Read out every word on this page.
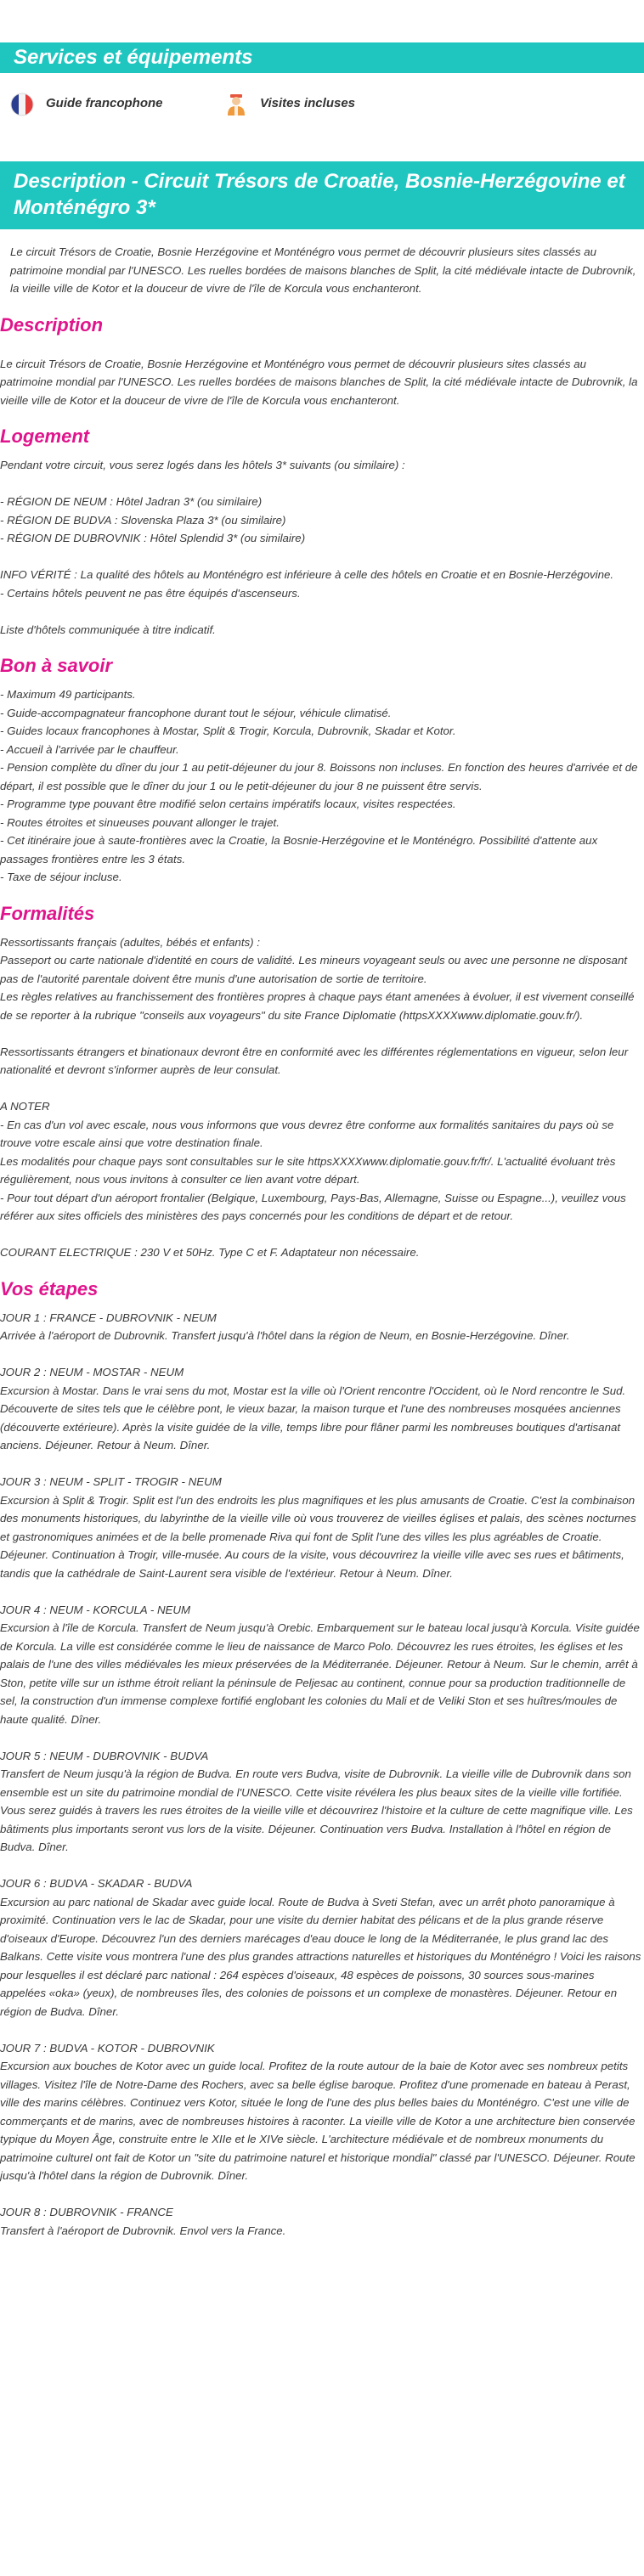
Services et équipements
Guide francophone	Visites incluses
Description - Circuit Trésors de Croatie, Bosnie-Herzégovine et Monténégro 3*

Le circuit Trésors de Croatie, Bosnie Herzégovine et Monténégro vous permet de découvrir plusieurs sites classés au patrimoine mondial par l'UNESCO. Les ruelles bordées de maisons blanches de Split, la cité médiévale intacte de Dubrovnik, la vieille ville de Kotor et la douceur de vivre de l'île de Korcula vous enchanteront.

Description

Le circuit Trésors de Croatie, Bosnie Herzégovine et Monténégro vous permet de découvrir plusieurs sites classés au patrimoine mondial par l'UNESCO. Les ruelles bordées de maisons blanches de Split, la cité médiévale intacte de Dubrovnik, la vieille ville de Kotor et la douceur de vivre de l'île de Korcula vous enchanteront.

Logement

Pendant votre circuit, vous serez logés dans les hôtels 3* suivants (ou similaire) :

- RÉGION DE NEUM : Hôtel Jadran 3* (ou similaire)

- RÉGION DE BUDVA : Slovenska Plaza 3* (ou similaire)

- RÉGION DE DUBROVNIK : Hôtel Splendid 3* (ou similaire)

INFO VÉRITÉ : La qualité des hôtels au Monténégro est inférieure à celle des hôtels en Croatie et en Bosnie-Herzégovine.

- Certains hôtels peuvent ne pas être équipés d'ascenseurs.

Liste d'hôtels communiquée à titre indicatif.

Bon à savoir

- Maximum 49 participants.

- Guide-accompagnateur francophone durant tout le séjour, véhicule climatisé.

- Guides locaux francophones à Mostar, Split & Trogir, Korcula, Dubrovnik, Skadar et Kotor.

- Accueil à l'arrivée par le chauffeur.

- Pension complète du dîner du jour 1 au petit-déjeuner du jour 8. Boissons non incluses. En fonction des heures d'arrivée et de départ, il est possible que le dîner du jour 1 ou le petit-déjeuner du jour 8 ne puissent être servis.

- Programme type pouvant être modifié selon certains impératifs locaux, visites respectées.

- Routes étroites et sinueuses pouvant allonger le trajet.

- Cet itinéraire joue à saute-frontières avec la Croatie, la Bosnie-Herzégovine et le Monténégro. Possibilité d'attente aux passages frontières entre les 3 états.

- Taxe de séjour incluse.

Formalités

Ressortissants français (adultes, bébés et enfants) :

Passeport ou carte nationale d'identité en cours de validité. Les mineurs voyageant seuls ou avec une personne ne disposant pas de l'autorité parentale doivent être munis d'une autorisation de sortie de territoire.

Les règles relatives au franchissement des frontières propres à chaque pays étant amenées à évoluer, il est vivement conseillé de se reporter à la rubrique "conseils aux voyageurs" du site France Diplomatie (httpsXXXXwww.diplomatie.gouv.fr/).

Ressortissants étrangers et binationaux devront être en conformité avec les différentes réglementations en vigueur, selon leur nationalité et devront s'informer auprès de leur consulat.

A NOTER

- En cas d'un vol avec escale, nous vous informons que vous devrez être conforme aux formalités sanitaires du pays où se trouve votre escale ainsi que votre destination finale.

Les modalités pour chaque pays sont consultables sur le site httpsXXXXwww.diplomatie.gouv.fr/fr/. L'actualité évoluant très régulièrement, nous vous invitons à consulter ce lien avant votre départ.

- Pour tout départ d'un aéroport frontalier (Belgique, Luxembourg, Pays-Bas, Allemagne, Suisse ou Espagne...), veuillez vous référer aux sites officiels des ministères des pays concernés pour les conditions de départ et de retour.

COURANT ELECTRIQUE : 230 V et 50Hz. Type C et F. Adaptateur non nécessaire.

Vos étapes

JOUR 1 : FRANCE - DUBROVNIK - NEUM

Arrivée à l'aéroport de Dubrovnik. Transfert jusqu'à l'hôtel dans la région de Neum, en Bosnie-Herzégovine. Dîner.

JOUR 2 : NEUM - MOSTAR - NEUM

Excursion à Mostar. Dans le vrai sens du mot, Mostar est la ville où l'Orient rencontre l'Occident, où le Nord rencontre le Sud. Découverte de sites tels que le célèbre pont, le vieux bazar, la maison turque et l'une des nombreuses mosquées anciennes (découverte extérieure). Après la visite guidée de la ville, temps libre pour flâner parmi les nombreuses boutiques d'artisanat anciens. Déjeuner. Retour à Neum. Dîner.

JOUR 3 : NEUM - SPLIT - TROGIR - NEUM

Excursion à Split & Trogir. Split est l'un des endroits les plus magnifiques et les plus amusants de Croatie. C'est la combinaison des monuments historiques, du labyrinthe de la vieille ville où vous trouverez de vieilles églises et palais, des scènes nocturnes et gastronomiques animées et de la belle promenade Riva qui font de Split l'une des villes les plus agréables de Croatie. Déjeuner. Continuation à Trogir, ville-musée. Au cours de la visite, vous découvrirez la vieille ville avec ses rues et bâtiments, tandis que la cathédrale de Saint-Laurent sera visible de l'extérieur. Retour à Neum. Dîner.

JOUR 4 : NEUM - KORCULA - NEUM

Excursion à l'île de Korcula. Transfert de Neum jusqu'à Orebic. Embarquement sur le bateau local jusqu'à Korcula. Visite guidée de Korcula. La ville est considérée comme le lieu de naissance de Marco Polo. Découvrez les rues étroites, les églises et les palais de l'une des villes médiévales les mieux préservées de la Méditerranée. Déjeuner. Retour à Neum. Sur le chemin, arrêt à Ston, petite ville sur un isthme étroit reliant la péninsule de Peljesac au continent, connue pour sa production traditionnelle de sel, la construction d'un immense complexe fortifié englobant les colonies du Mali et de Veliki Ston et ses huîtres/moules de haute qualité. Dîner.

JOUR 5 : NEUM - DUBROVNIK - BUDVA

Transfert de Neum jusqu'à la région de Budva. En route vers Budva, visite de Dubrovnik. La vieille ville de Dubrovnik dans son ensemble est un site du patrimoine mondial de l'UNESCO. Cette visite révélera les plus beaux sites de la vieille ville fortifiée. Vous serez guidés à travers les rues étroites de la vieille ville et découvrirez l'histoire et la culture de cette magnifique ville. Les bâtiments plus importants seront vus lors de la visite. Déjeuner. Continuation vers Budva. Installation à l'hôtel en région de Budva. Dîner.

JOUR 6 : BUDVA - SKADAR - BUDVA

Excursion au parc national de Skadar avec guide local. Route de Budva à Sveti Stefan, avec un arrêt photo panoramique à proximité. Continuation vers le lac de Skadar, pour une visite du dernier habitat des pélicans et de la plus grande réserve d'oiseaux d'Europe. Découvrez l'un des derniers marécages d'eau douce le long de la Méditerranée, le plus grand lac des Balkans. Cette visite vous montrera l'une des plus grandes attractions naturelles et historiques du Monténégro ! Voici les raisons pour lesquelles il est déclaré parc national : 264 espèces d'oiseaux, 48 espèces de poissons, 30 sources sous-marines appelées «oka» (yeux), de nombreuses îles, des colonies de poissons et un complexe de monastères. Déjeuner. Retour en région de Budva. Dîner.

JOUR 7 : BUDVA - KOTOR - DUBROVNIK

Excursion aux bouches de Kotor avec un guide local. Profitez de la route autour de la baie de Kotor avec ses nombreux petits villages. Visitez l'île de Notre-Dame des Rochers, avec sa belle église baroque. Profitez d'une promenade en bateau à Perast, ville des marins célèbres. Continuez vers Kotor, située le long de l'une des plus belles baies du Monténégro. C'est une ville de commerçants et de marins, avec de nombreuses histoires à raconter. La vieille ville de Kotor a une architecture bien conservée typique du Moyen Âge, construite entre le XIIe et le XIVe siècle. L'architecture médiévale et de nombreux monuments du patrimoine culturel ont fait de Kotor un "site du patrimoine naturel et historique mondial" classé par l'UNESCO. Déjeuner. Route jusqu'à l'hôtel dans la région de Dubrovnik. Dîner.

JOUR 8 : DUBROVNIK - FRANCE

Transfert à l'aéroport de Dubrovnik. Envol vers la France.
